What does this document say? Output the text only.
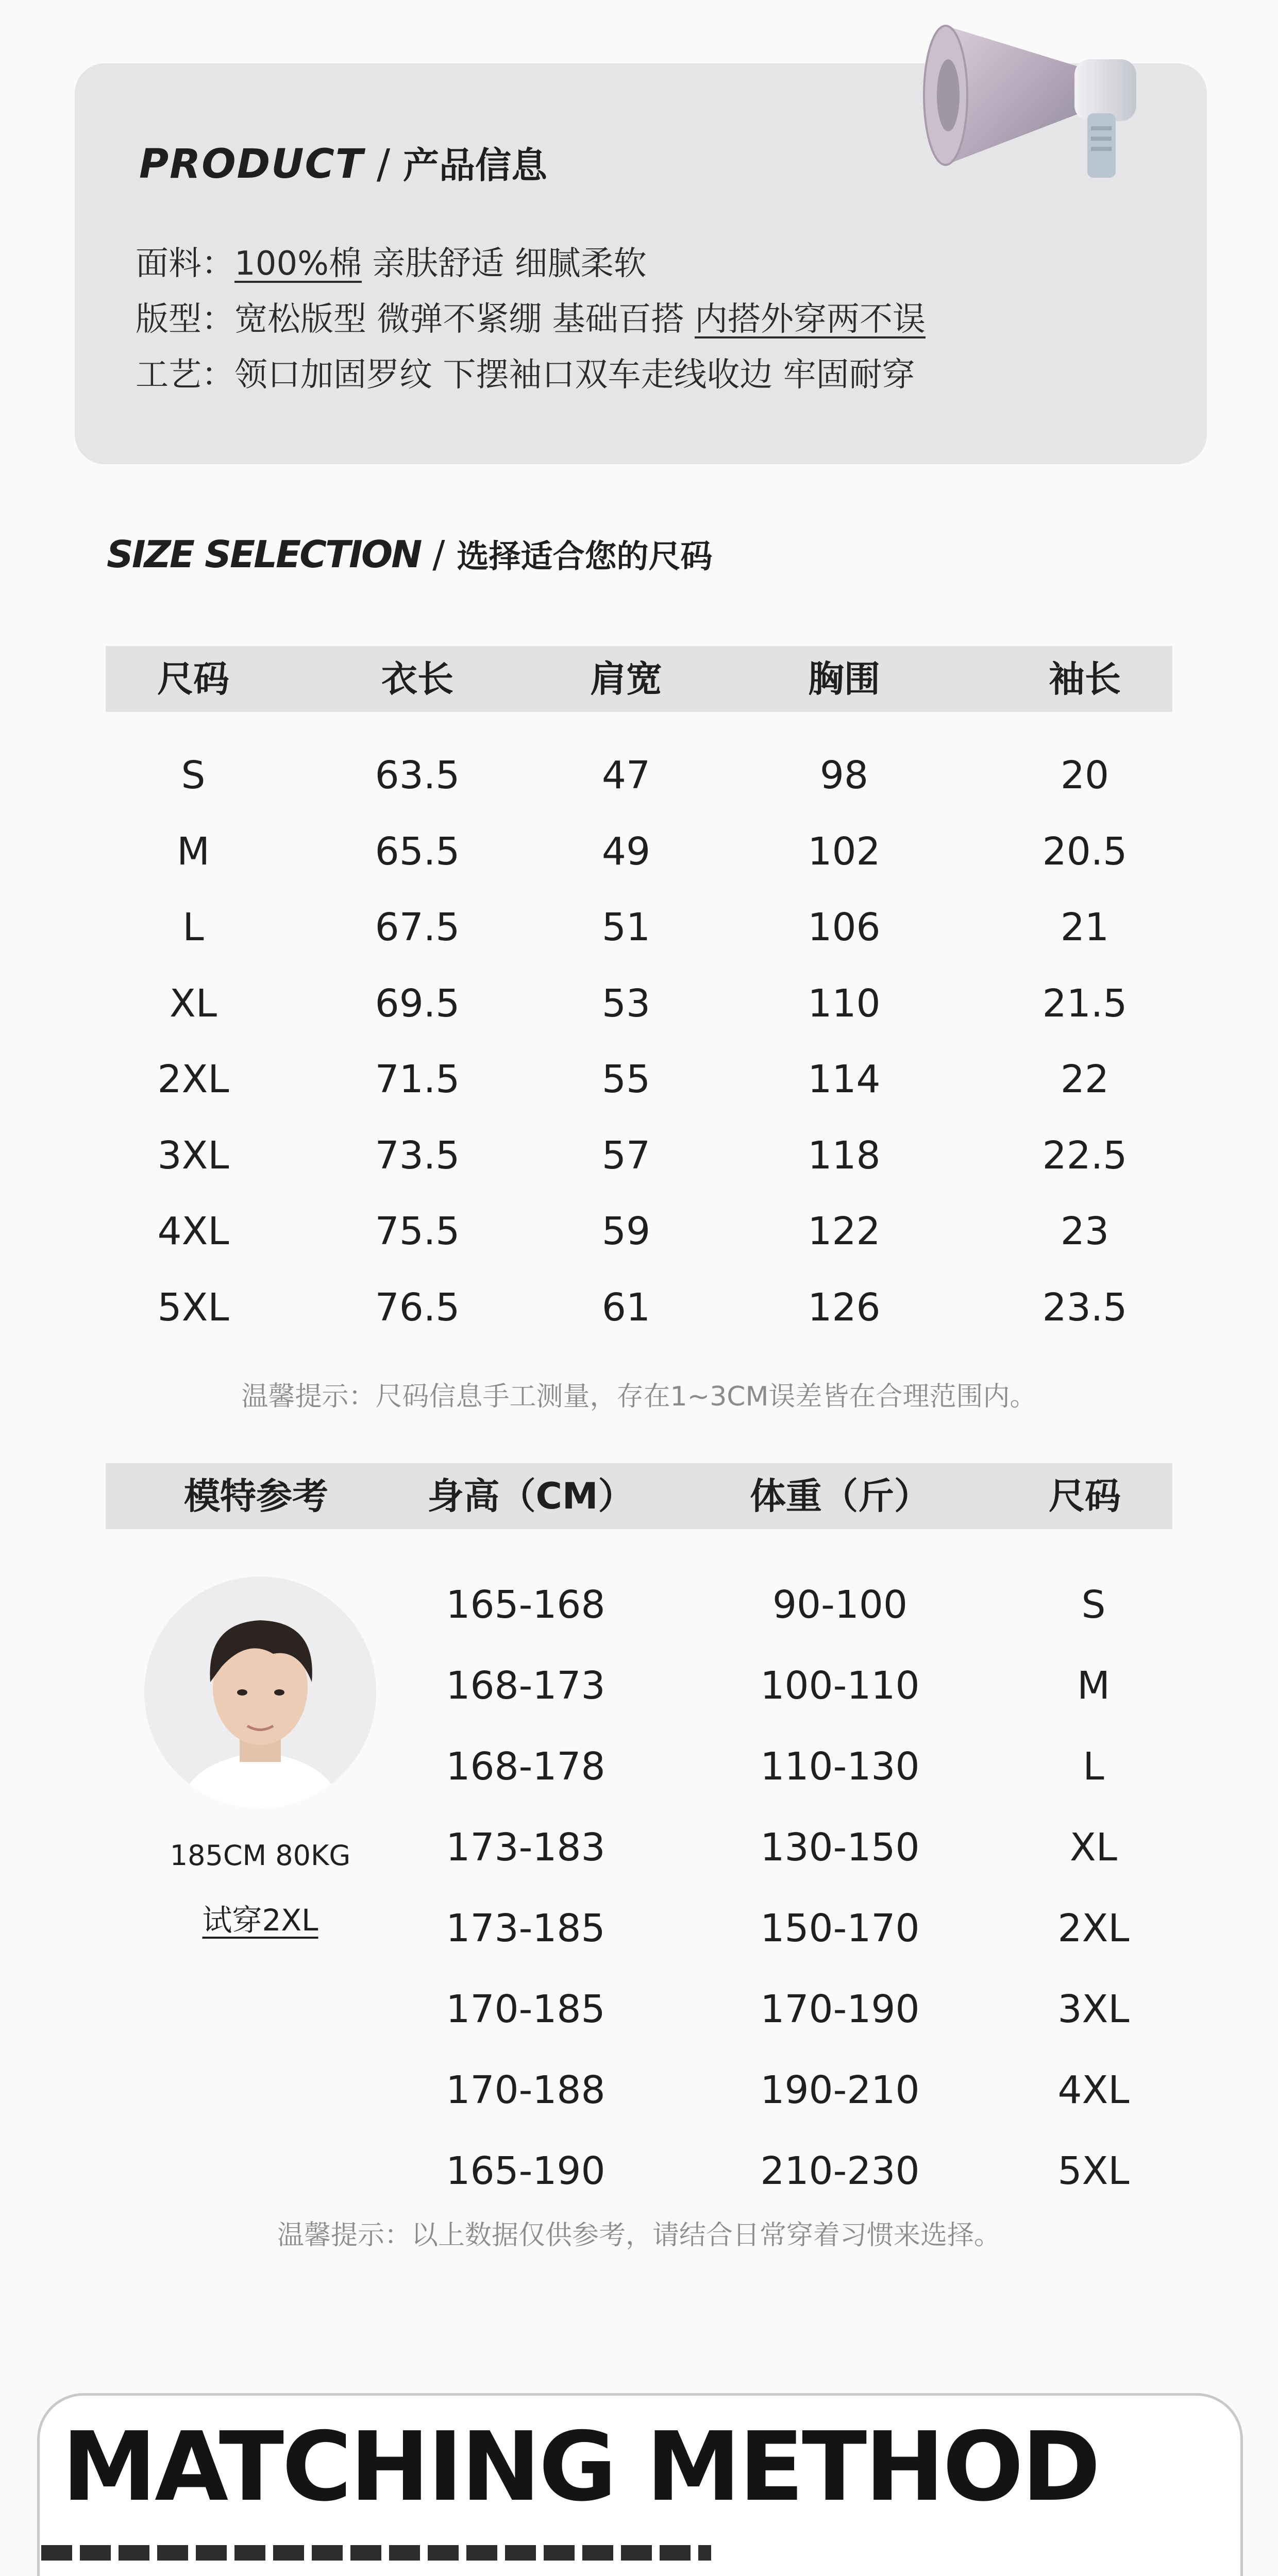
PRODUCT / 产品信息
面料：100%棉 亲肤舒适 细腻柔软
版型：宽松版型 微弹不紧绷 基础百搭 内搭外穿两不误
工艺：领口加固罗纹 下摆袖口双车走线收边 牢固耐穿
SIZE SELECTION / 选择适合您的尺码
尺码	衣长	肩宽	胸围	袖长
S	63.5	47	98	20
M	65.5	49	102	20.5
L	67.5	51	106	21
XL	69.5	53	110	21.5
2XL	71.5	55	114	22
3XL	73.5	57	118	22.5
4XL	75.5	59	122	23
5XL	76.5	61	126	23.5
温馨提示：尺码信息手工测量，存在1~3CM误差皆在合理范围内。
模特参考	身高（CM）	体重（斤）	尺码
185CM 80KG
试穿2XL
165-168	90-100	S
168-173	100-110	M
168-178	110-130	L
173-183	130-150	XL
173-185	150-170	2XL
170-185	170-190	3XL
170-188	190-210	4XL
165-190	210-230	5XL
温馨提示：以上数据仅供参考，请结合日常穿着习惯来选择。
MATCHING METHOD
